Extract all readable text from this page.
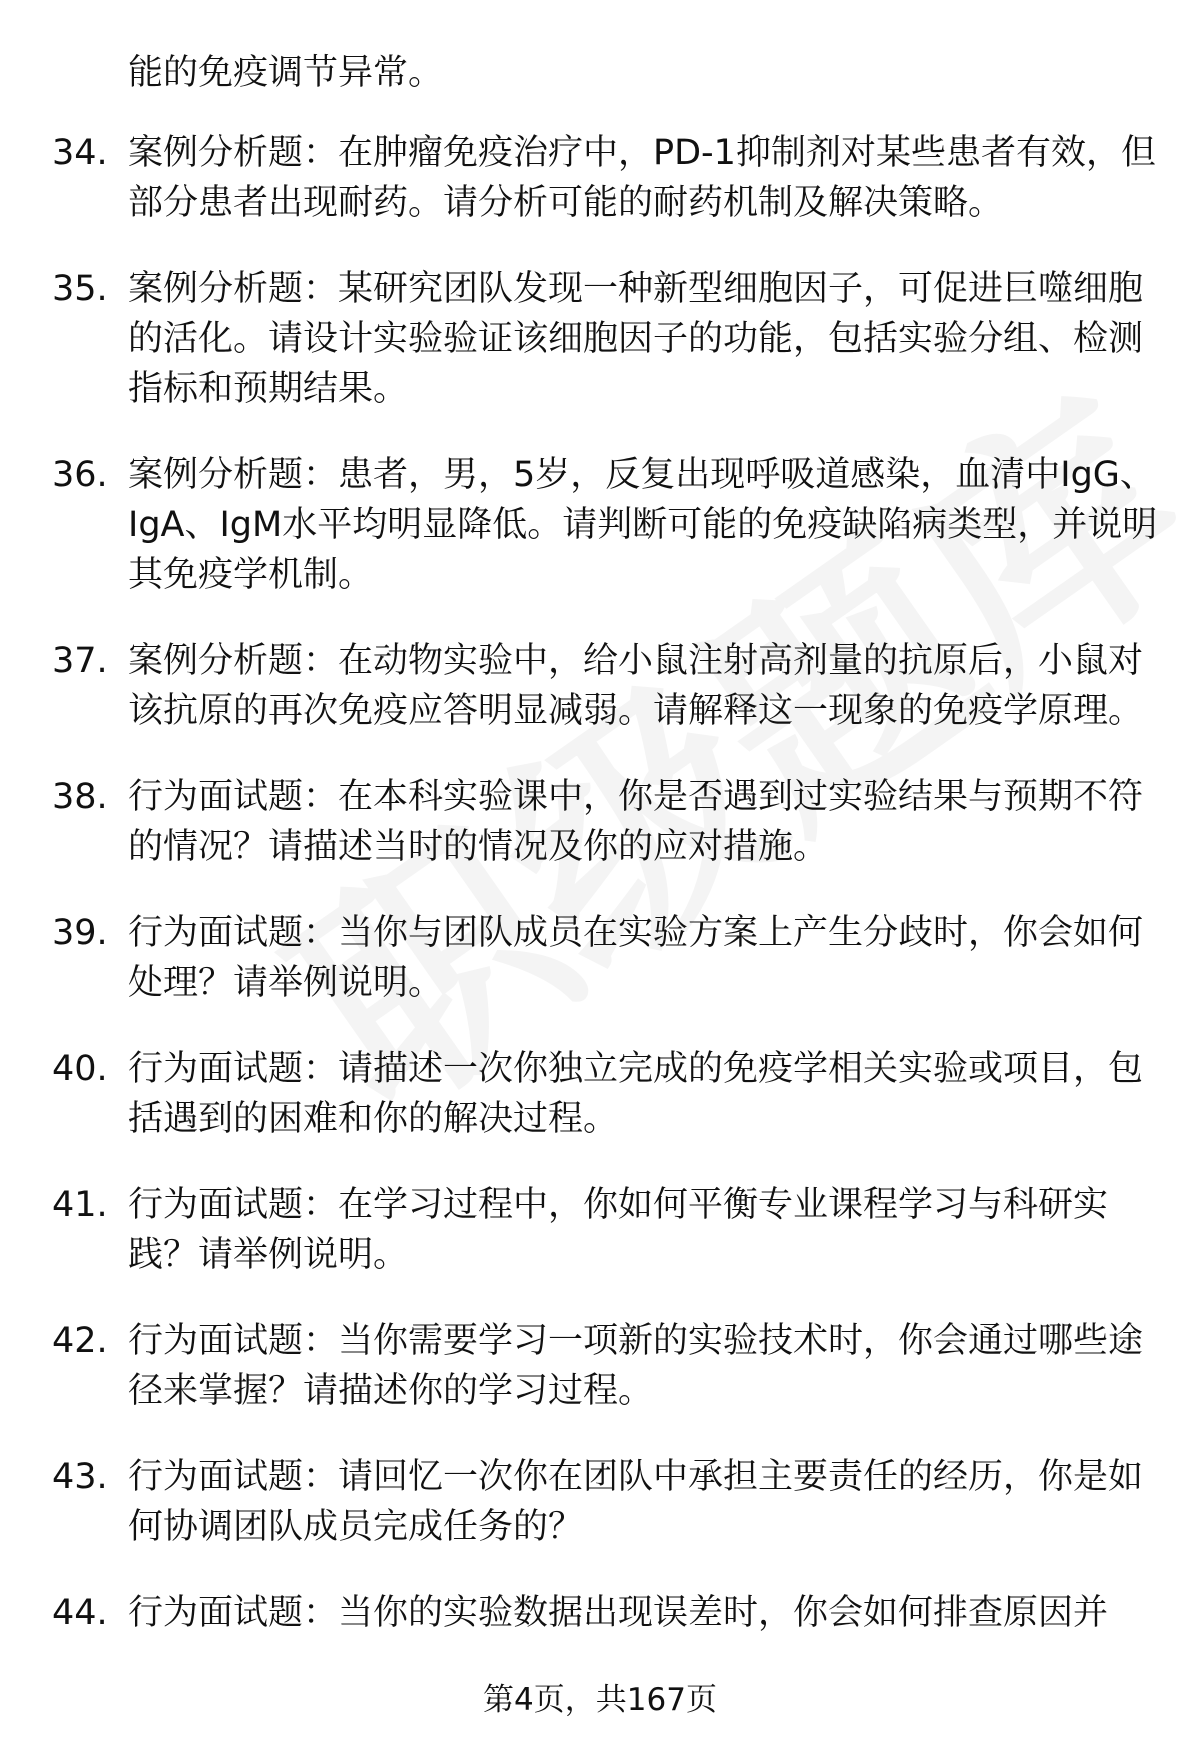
能的免疫调节异常。
34. 案例分析题：在肿瘤免疫治疗中，PD-1抑制剂对某些患者有效，但部分患者出现耐药。请分析可能的耐药机制及解决策略。
35. 案例分析题：某研究团队发现一种新型细胞因子，可促进巨噬细胞的活化。请设计实验验证该细胞因子的功能，包括实验分组、检测指标和预期结果。
36. 案例分析题：患者，男，5岁，反复出现呼吸道感染，血清中IgG、IgA、IgM水平均明显降低。请判断可能的免疫缺陷病类型，并说明其免疫学机制。
37. 案例分析题：在动物实验中，给小鼠注射高剂量的抗原后，小鼠对该抗原的再次免疫应答明显减弱。请解释这一现象的免疫学原理。
38. 行为面试题：在本科实验课中，你是否遇到过实验结果与预期不符的情况？请描述当时的情况及你的应对措施。
39. 行为面试题：当你与团队成员在实验方案上产生分歧时，你会如何处理？请举例说明。
40. 行为面试题：请描述一次你独立完成的免疫学相关实验或项目，包括遇到的困难和你的解决过程。
41. 行为面试题：在学习过程中，你如何平衡专业课程学习与科研实践？请举例说明。
42. 行为面试题：当你需要学习一项新的实验技术时，你会通过哪些途径来掌握？请描述你的学习过程。
43. 行为面试题：请回忆一次你在团队中承担主要责任的经历，你是如何协调团队成员完成任务的？
44. 行为面试题：当你的实验数据出现误差时，你会如何排查原因并
第4页，共167页
